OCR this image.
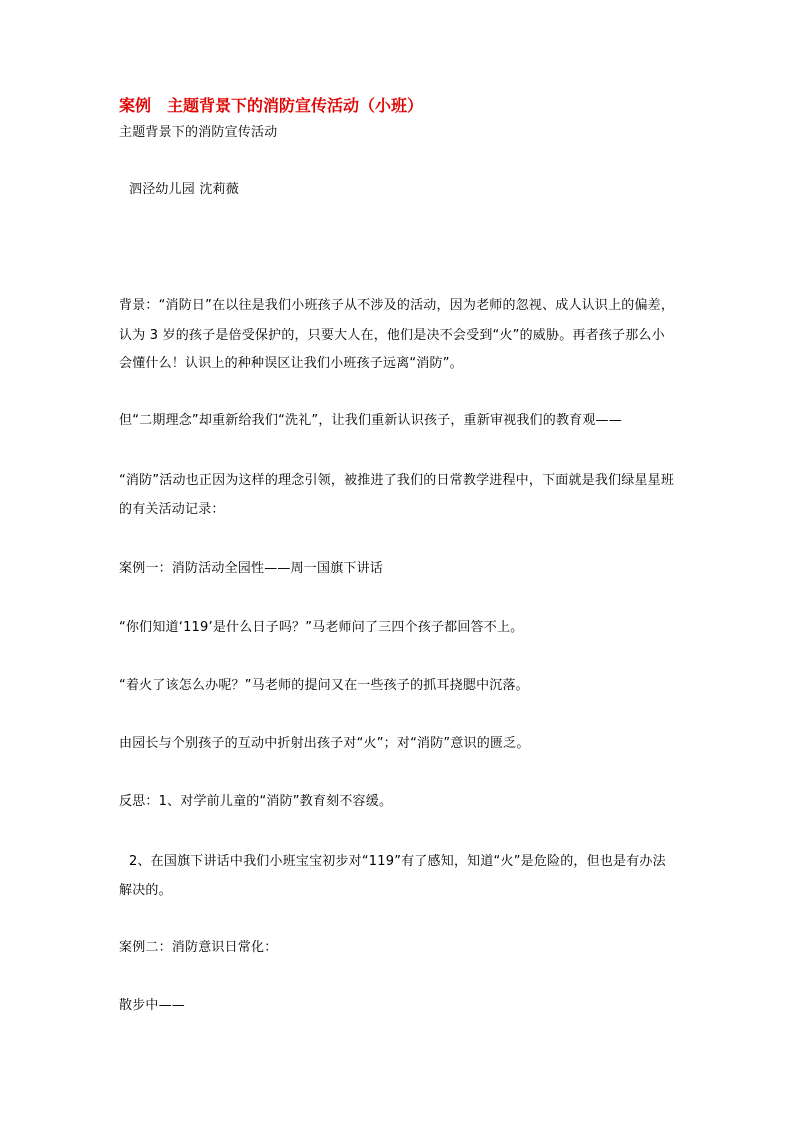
案例　主题背景下的消防宣传活动（小班）
主题背景下的消防宣传活动
泗泾幼儿园 沈莉薇
背景：“消防日”在以往是我们小班孩子从不涉及的活动，因为老师的忽视、成人认识上的偏差，
认为 3 岁的孩子是倍受保护的，只要大人在，他们是决不会受到“火”的威胁。再者孩子那么小
会懂什么！认识上的种种误区让我们小班孩子远离“消防”。
但“二期理念”却重新给我们“洗礼”，让我们重新认识孩子，重新审视我们的教育观——
“消防”活动也正因为这样的理念引领，被推进了我们的日常教学进程中，下面就是我们绿星星班
的有关活动记录：
案例一：消防活动全园性——周一国旗下讲话
“你们知道‘119’是什么日子吗？”马老师问了三四个孩子都回答不上。
“着火了该怎么办呢？”马老师的提问又在一些孩子的抓耳挠腮中沉落。
由园长与个别孩子的互动中折射出孩子对“火”；对“消防”意识的匮乏。
反思：1、对学前儿童的“消防”教育刻不容缓。
2、在国旗下讲话中我们小班宝宝初步对“119”有了感知，知道“火”是危险的，但也是有办法
解决的。
案例二：消防意识日常化：
散步中——
